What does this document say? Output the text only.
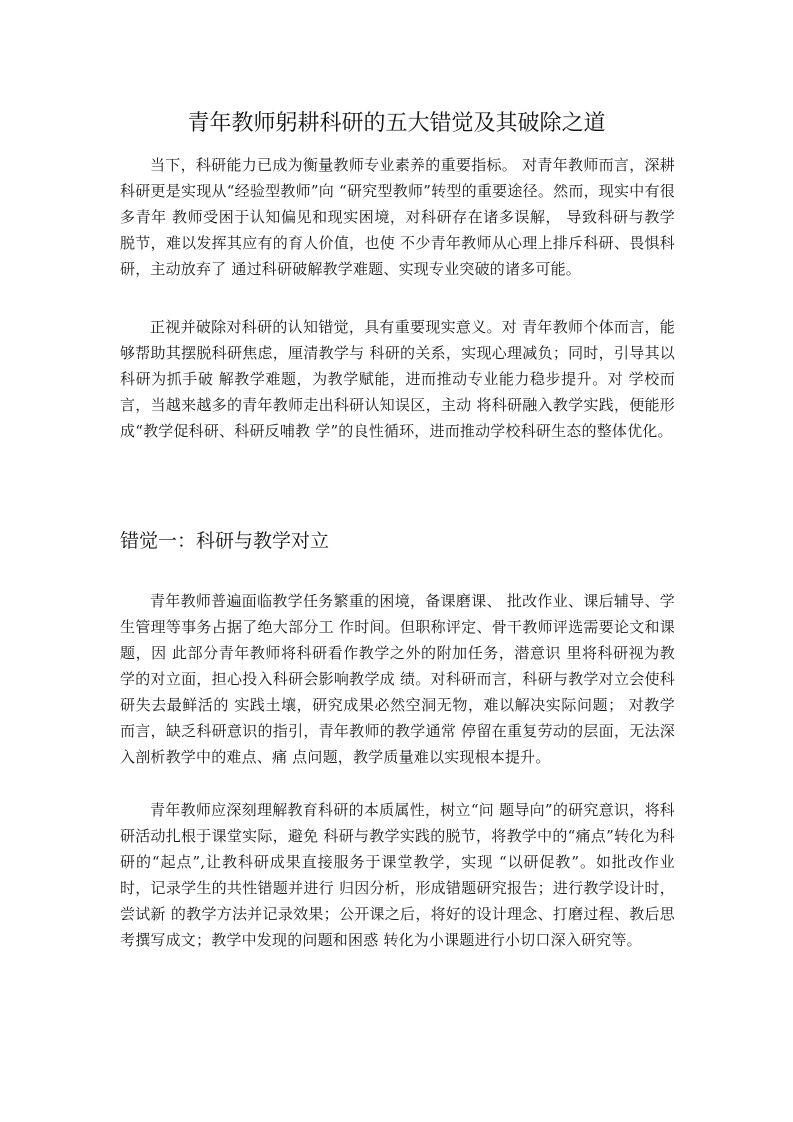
青年教师躬耕科研的五大错觉及其破除之道

当下，科研能力已成为衡量教师专业素养的重要指标。 对青年教师而言，深耕科研更是实现从“经验型教师”向 “研究型教师”转型的重要途径。然而，现实中有很多青年 教师受困于认知偏见和现实困境，对科研存在诸多误解， 导致科研与教学脱节，难以发挥其应有的育人价值，也使 不少青年教师从心理上排斥科研、畏惧科研，主动放弃了 通过科研破解教学难题、实现专业突破的诸多可能。

正视并破除对科研的认知错觉，具有重要现实意义。对 青年教师个体而言，能够帮助其摆脱科研焦虑，厘清教学与 科研的关系，实现心理减负；同时，引导其以科研为抓手破 解教学难题，为教学赋能，进而推动专业能力稳步提升。对 学校而言，当越来越多的青年教师走出科研认知误区，主动 将科研融入教学实践，便能形成“教学促科研、科研反哺教 学”的良性循环，进而推动学校科研生态的整体优化。

错觉一：科研与教学对立

青年教师普遍面临教学任务繁重的困境，备课磨课、 批改作业、课后辅导、学生管理等事务占据了绝大部分工 作时间。但职称评定、骨干教师评选需要论文和课题，因 此部分青年教师将科研看作教学之外的附加任务，潜意识 里将科研视为教学的对立面，担心投入科研会影响教学成 绩。对科研而言，科研与教学对立会使科研失去最鲜活的 实践土壤，研究成果必然空洞无物，难以解决实际问题； 对教学而言，缺乏科研意识的指引，青年教师的教学通常 停留在重复劳动的层面，无法深入剖析教学中的难点、痛 点问题，教学质量难以实现根本提升。

青年教师应深刻理解教育科研的本质属性，树立“问 题导向”的研究意识，将科研活动扎根于课堂实际，避免 科研与教学实践的脱节，将教学中的“痛点”转化为科 研的“起点”,让教科研成果直接服务于课堂教学，实现 “以研促教”。如批改作业时，记录学生的共性错题并进行 归因分析，形成错题研究报告；进行教学设计时，尝试新 的教学方法并记录效果；公开课之后，将好的设计理念、打磨过程、教后思考撰写成文；教学中发现的问题和困惑 转化为小课题进行小切口深入研究等。
